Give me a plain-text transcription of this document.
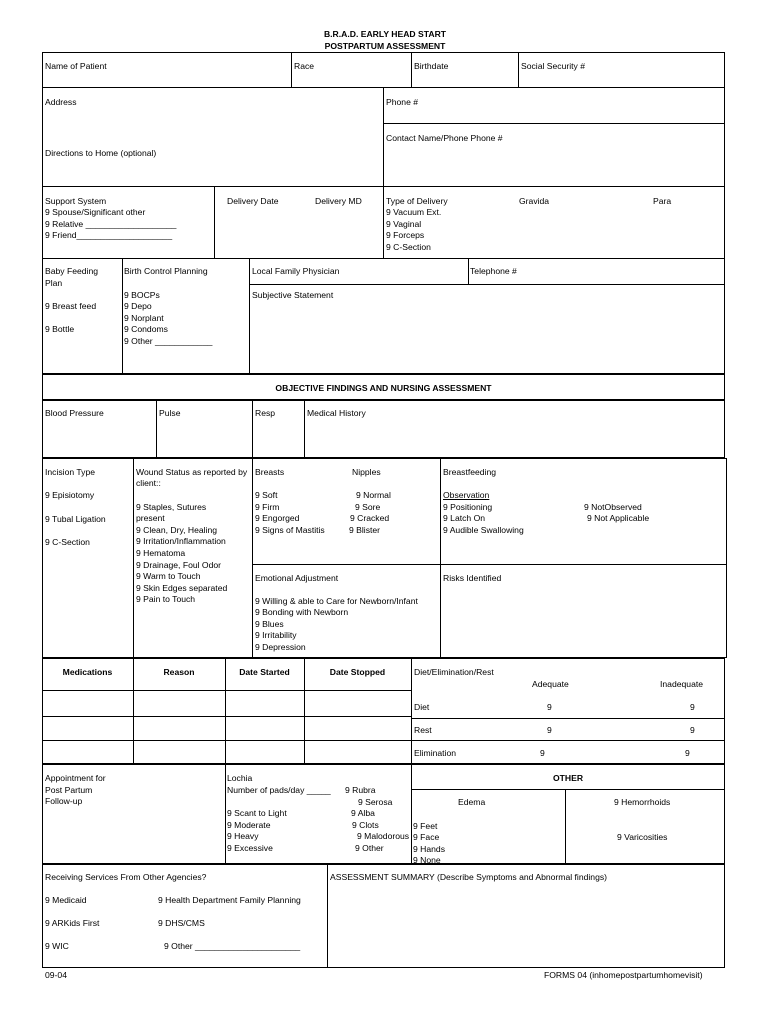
B.R.A.D. EARLY HEAD START
POSTPARTUM ASSESSMENT
Name of Patient	Race	Birthdate	Social Security #
Address	Phone #
Contact Name/Phone Phone #
Directions to Home (optional)
Support System
9 Spouse/Significant other
9 Relative ___________________
9 Friend____________________
Delivery Date	Delivery MD	Type of Delivery
9 Vacuum Ext.
9 Vaginal
9 Forceps
9 C-Section
Gravida	Para
Baby Feeding
Plan
9 Breast feed
9 Bottle
Birth Control Planning
9 BOCPs
9 Depo
9 Norplant
9 Condoms
9 Other ____________
Local Family Physician	Telephone #
Subjective Statement
OBJECTIVE FINDINGS AND NURSING ASSESSMENT
Blood Pressure	Pulse	Resp	Medical History
Incision Type
9 Episiotomy
9 Tubal Ligation
9 C-Section
Wound Status as reported by
client::
9 Staples, Sutures
present
9 Clean, Dry, Healing
9 Irritation/Inflammation
9 Hematoma
9 Drainage, Foul Odor
9 Warm to Touch
9 Skin Edges separated
9 Pain to Touch
Breasts
9 Soft
9 Firm
9 Engorged
9 Signs of Mastitis
Nipples
9 Normal
9 Sore
9 Cracked
9 Blister
Breastfeeding
Observation
9 Positioning
9 Latch On
9 Audible Swallowing
9 NotObserved
9 Not Applicable
Emotional Adjustment
9 Willing & able to Care for Newborn/Infant
9 Bonding with Newborn
9 Blues
9 Irritability
9 Depression
Risks Identified
Medications	Reason	Date Started	Date Stopped	Diet/Elimination/Rest
Adequate	Inadequate
Diet	9	9
Rest	9	9
Elimination	9	9
Appointment for
Post Partum
Follow-up
Lochia
Number of pads/day _____
9 Scant to Light
9 Moderate
9 Heavy
9 Excessive
9 Rubra
9 Serosa
9 Alba
9 Clots
9 Malodorous
9 Other
OTHER
Edema
9 Feet
9 Face
9 Hands
9 None
9 Hemorrhoids
9 Varicosities
Receiving Services From Other Agencies?
9 Medicaid
9 ARKids First
9 WIC
9 Health Department Family Planning
9 DHS/CMS
9 Other ______________________
ASSESSMENT SUMMARY (Describe Symptoms and Abnormal findings)
09-04	FORMS 04 (inhomepostpartumhomevisit)
